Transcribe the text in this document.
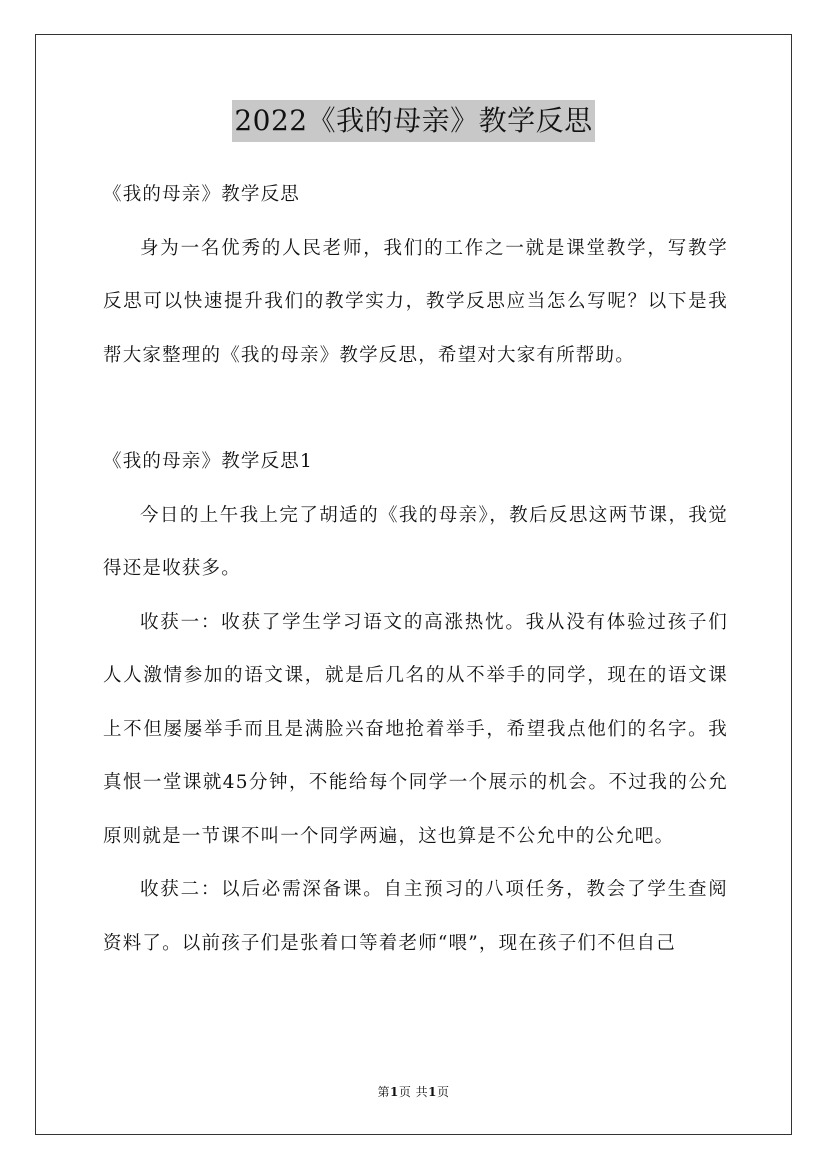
2022《我的母亲》教学反思

《我的母亲》教学反思

身为一名优秀的人民老师，我们的工作之一就是课堂教学，写教学反思可以快速提升我们的教学实力，教学反思应当怎么写呢？以下是我帮大家整理的《我的母亲》教学反思，希望对大家有所帮助。

《我的母亲》教学反思1

今日的上午我上完了胡适的《我的母亲》，教后反思这两节课，我觉得还是收获多。

收获一：收获了学生学习语文的高涨热忱。我从没有体验过孩子们人人激情参加的语文课，就是后几名的从不举手的同学，现在的语文课上不但屡屡举手而且是满脸兴奋地抢着举手，希望我点他们的名字。我真恨一堂课就45分钟，不能给每个同学一个展示的机会。不过我的公允原则就是一节课不叫一个同学两遍，这也算是不公允中的公允吧。

收获二：以后必需深备课。自主预习的八项任务，教会了学生查阅资料了。以前孩子们是张着口等着老师“喂”，现在孩子们不但自己

第1页 共1页
